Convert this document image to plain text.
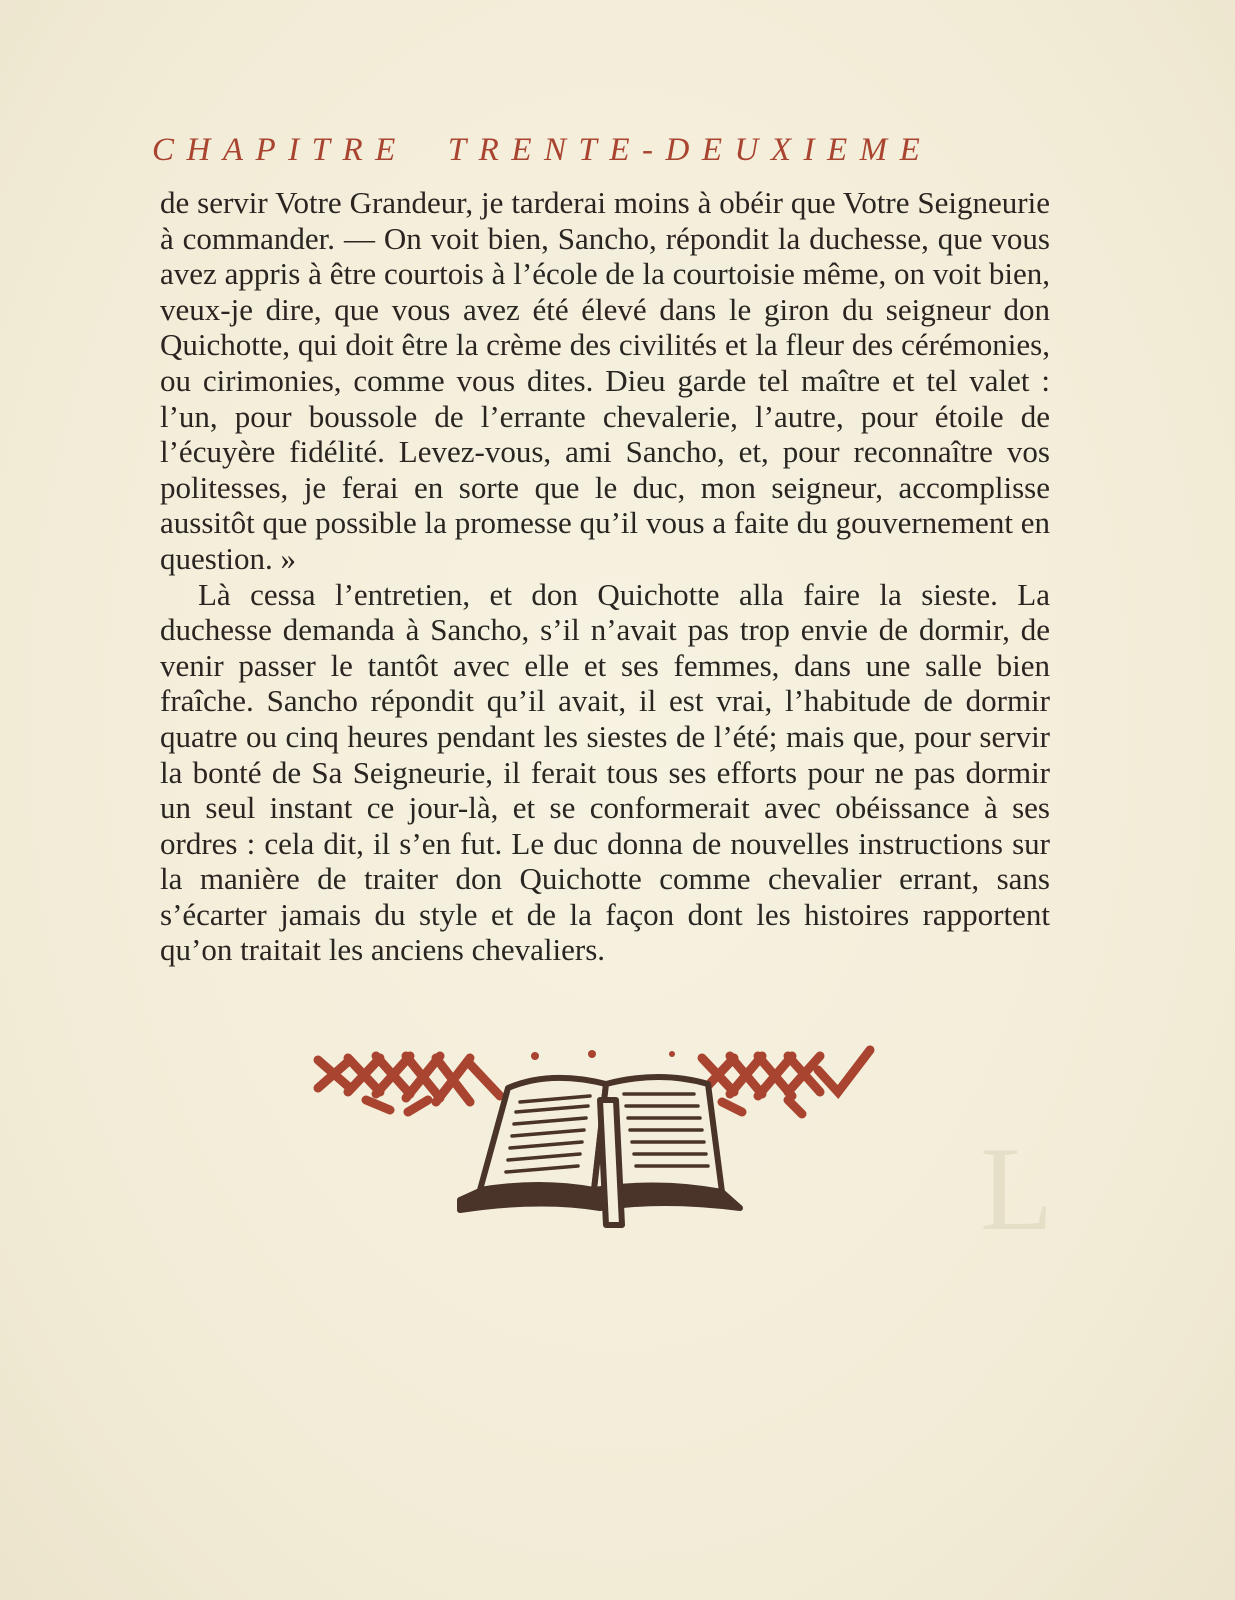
CHAPITRE TRENTE-DEUXIEME

de servir Votre Grandeur, je tarderai moins à obéir que Votre Seigneurie à commander. — On voit bien, Sancho, répondit la duchesse, que vous avez appris à être courtois à l’école de la courtoisie même, on voit bien, veux-je dire, que vous avez été élevé dans le giron du seigneur don Quichotte, qui doit être la crème des civilités et la fleur des cérémonies, ou cirimonies, comme vous dites. Dieu garde tel maître et tel valet : l’un, pour boussole de l’errante chevalerie, l’autre, pour étoile de l’écuyère fidélité. Levez-vous, ami Sancho, et, pour reconnaître vos politesses, je ferai en sorte que le duc, mon seigneur, accomplisse aussitôt que possible la promesse qu’il vous a faite du gouvernement en question. »

Là cessa l’entretien, et don Quichotte alla faire la sieste. La duchesse demanda à Sancho, s’il n’avait pas trop envie de dormir, de venir passer le tantôt avec elle et ses femmes, dans une salle bien fraîche. Sancho répondit qu’il avait, il est vrai, l’habitude de dormir quatre ou cinq heures pendant les siestes de l’été; mais que, pour servir la bonté de Sa Seigneurie, il ferait tous ses efforts pour ne pas dormir un seul instant ce jour-là, et se conformerait avec obéissance à ses ordres : cela dit, il s’en fut. Le duc donna de nouvelles instructions sur la manière de traiter don Quichotte comme chevalier errant, sans s’écarter jamais du style et de la façon dont les histoires rapportent qu’on traitait les anciens chevaliers.

L
